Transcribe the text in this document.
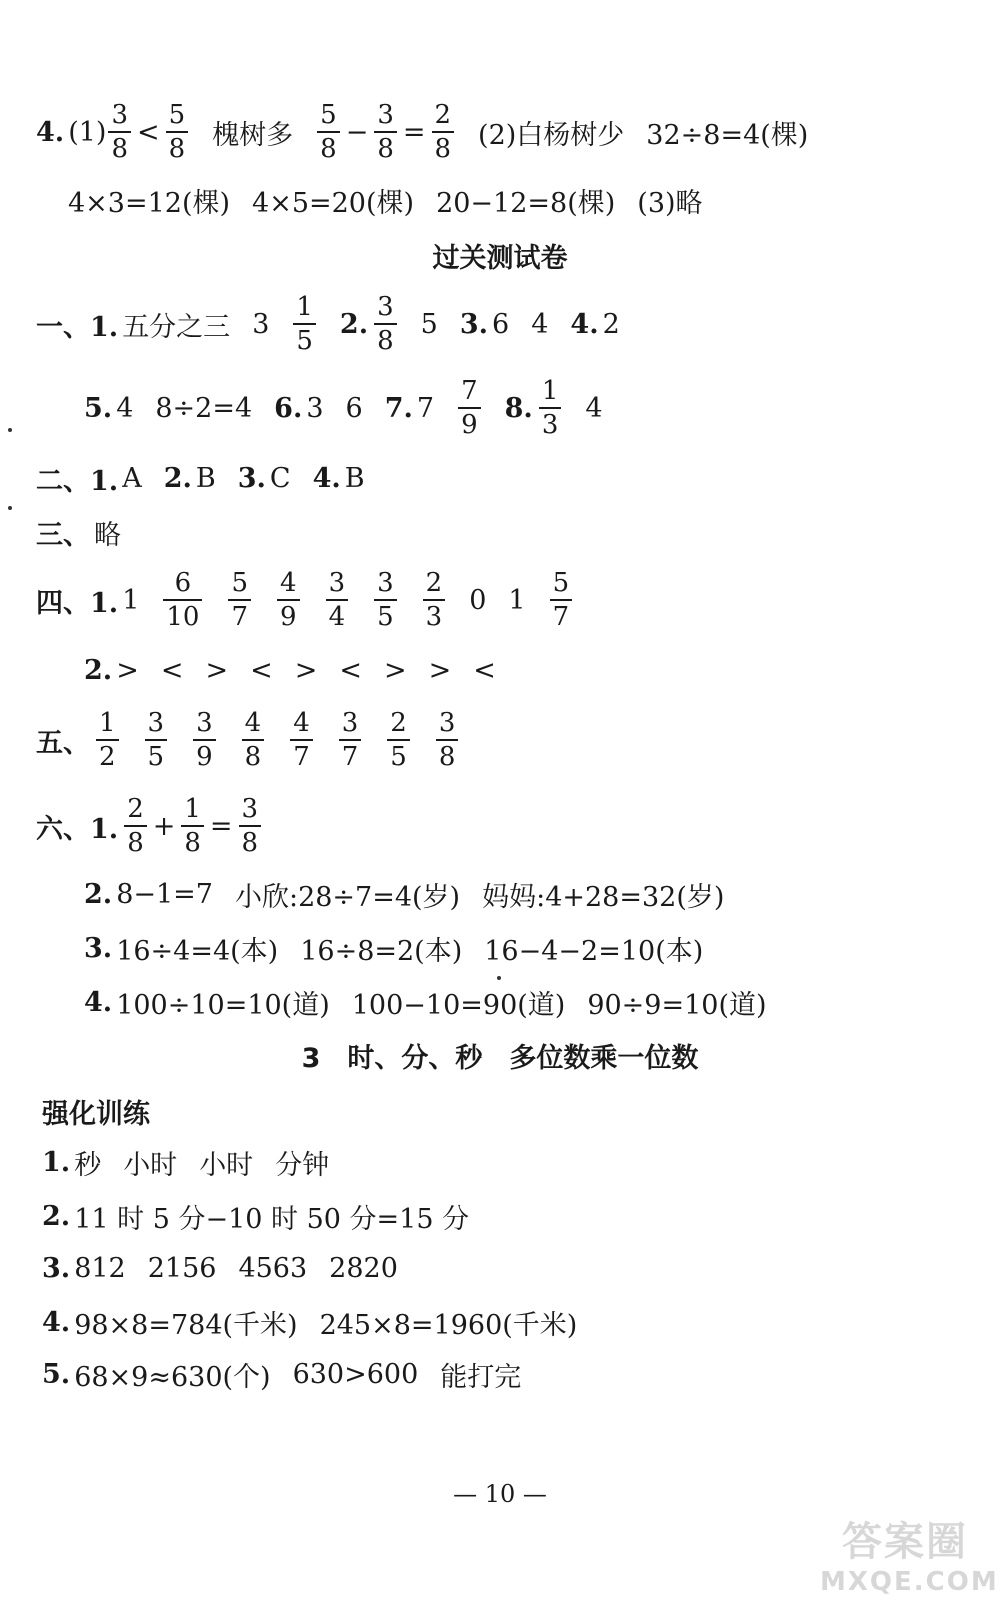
4. $(1) \frac{3}{8} < \frac{5}{8}$ 槐树多 $\frac{5}{8} - \frac{3}{8} = \frac{2}{8} (2)$白杨树少 32÷8=4(棵)
4×3=12(棵) 4×5=20(棵) 20−12=8(棵) (3)略
一、1. 五分之三 $3 \frac{1}{5} 2$. $\frac{3}{8} 5$ 3. 6 4 4. 2
5. 4 8÷2=4 6. 3 6 7. $7 \frac{7}{9} 8$. $\frac{1}{3} 4$
二、1. A 2. B 3. C 4. B
三、 略
四、1. $1 \frac{6}{10} \frac{5}{7} \frac{4}{9} \frac{3}{4} \frac{3}{5} \frac{2}{3} 0$ $1 \frac{5}{7}$
2. > < > < > < > > <
五、 $\frac{1}{2} \frac{3}{5} \frac{3}{9} \frac{4}{8} \frac{4}{7} \frac{3}{7} \frac{2}{5} \frac{3}{8}$
六、1. $\frac{2}{8} + \frac{1}{8} = \frac{3}{8}$
2. 8−1=7 小欣:28÷7=4(岁) 妈妈:4+28=32(岁)
3. 16÷4=4(本) 16÷8=2(本) 16−4−2=10(本)
4. 100÷10=10(道) 100−10=90(道) 90÷9=10(道)
1. 秒 小时 小时 分钟
2. 11 时 5 分−10 时 50 分=15 分
3. 812 2156 4563 2820
4. 98×8=784(千米) 245×8=1960(千米)
5. 68×9≈630(个) 630>600 能打完
过关测试卷
3　时、分、秒　多位数乘一位数
强化训练
— 10 —
答案圈
MXQE.COM
